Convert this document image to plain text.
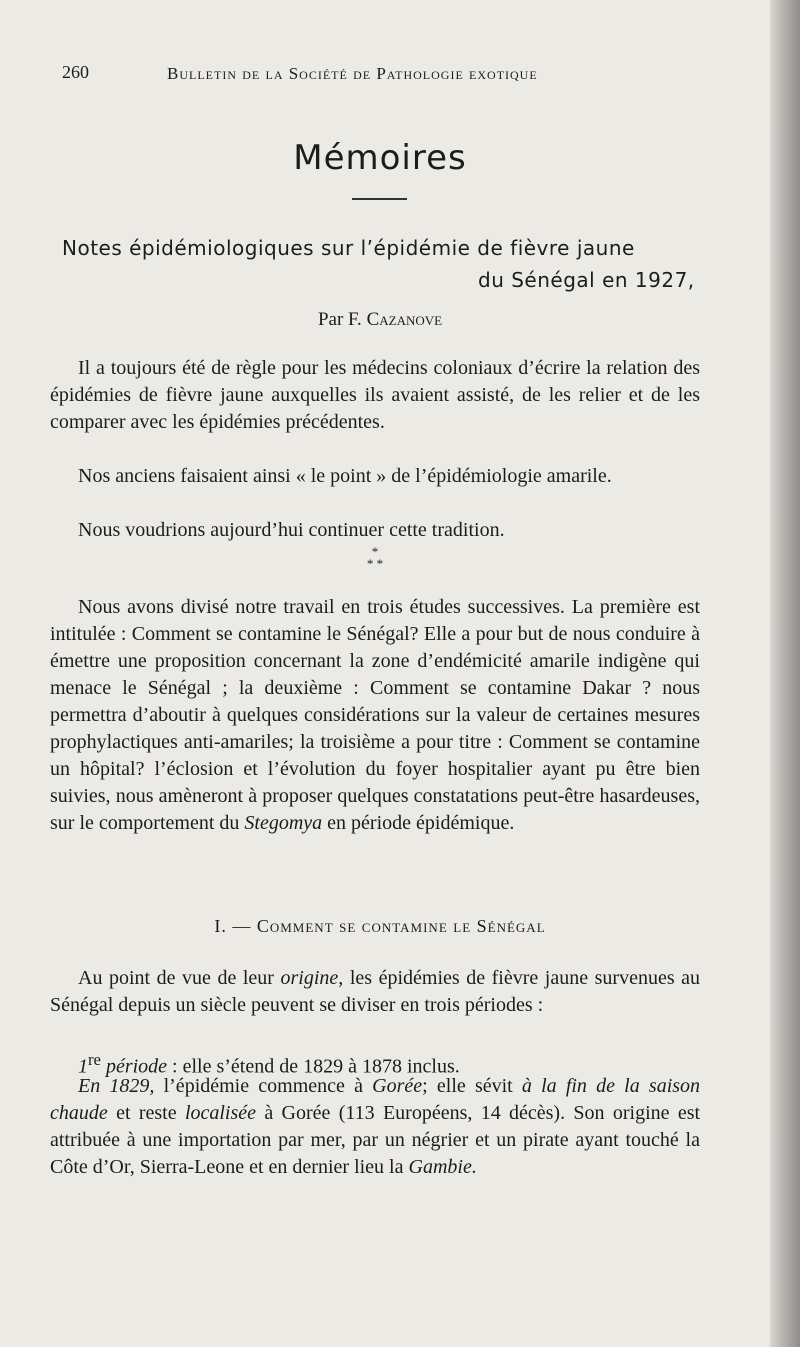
260	Bulletin de la Société de Pathologie exotique
Mémoires
Notes épidémiologiques sur l’épidémie de fièvre jaune
du Sénégal en 1927,
Par F. Cazanove
Il a toujours été de règle pour les médecins coloniaux d’écrire la relation des épidémies de fièvre jaune auxquelles ils avaient assisté, de les relier et de les comparer avec les épidémies précédentes.
Nos anciens faisaient ainsi « le point » de l’épidémiologie amarile.
Nous voudrions aujourd’hui continuer cette tradition.
*
* *
Nous avons divisé notre travail en trois études successives. La première est intitulée : Comment se contamine le Sénégal? Elle a pour but de nous conduire à émettre une proposition concernant la zone d’endémicité amarile indigène qui menace le Sénégal ; la deuxième : Comment se contamine Dakar ? nous permettra d’aboutir à quelques considérations sur la valeur de certaines mesures prophylactiques anti-amariles; la troisième a pour titre : Comment se contamine un hôpital? l’éclosion et l’évolution du foyer hospitalier ayant pu être bien suivies, nous amèneront à proposer quelques constatations peut-être hasardeuses, sur le comportement du Stegomya en période épidémique.
I. — Comment se contamine le Sénégal
Au point de vue de leur origine, les épidémies de fièvre jaune survenues au Sénégal depuis un siècle peuvent se diviser en trois périodes :
1re période : elle s’étend de 1829 à 1878 inclus.
En 1829, l’épidémie commence à Gorée; elle sévit à la fin de la saison chaude et reste localisée à Gorée (113 Européens, 14 décès). Son origine est attribuée à une importation par mer, par un négrier et un pirate ayant touché la Côte d’Or, Sierra-Leone et en dernier lieu la Gambie.
